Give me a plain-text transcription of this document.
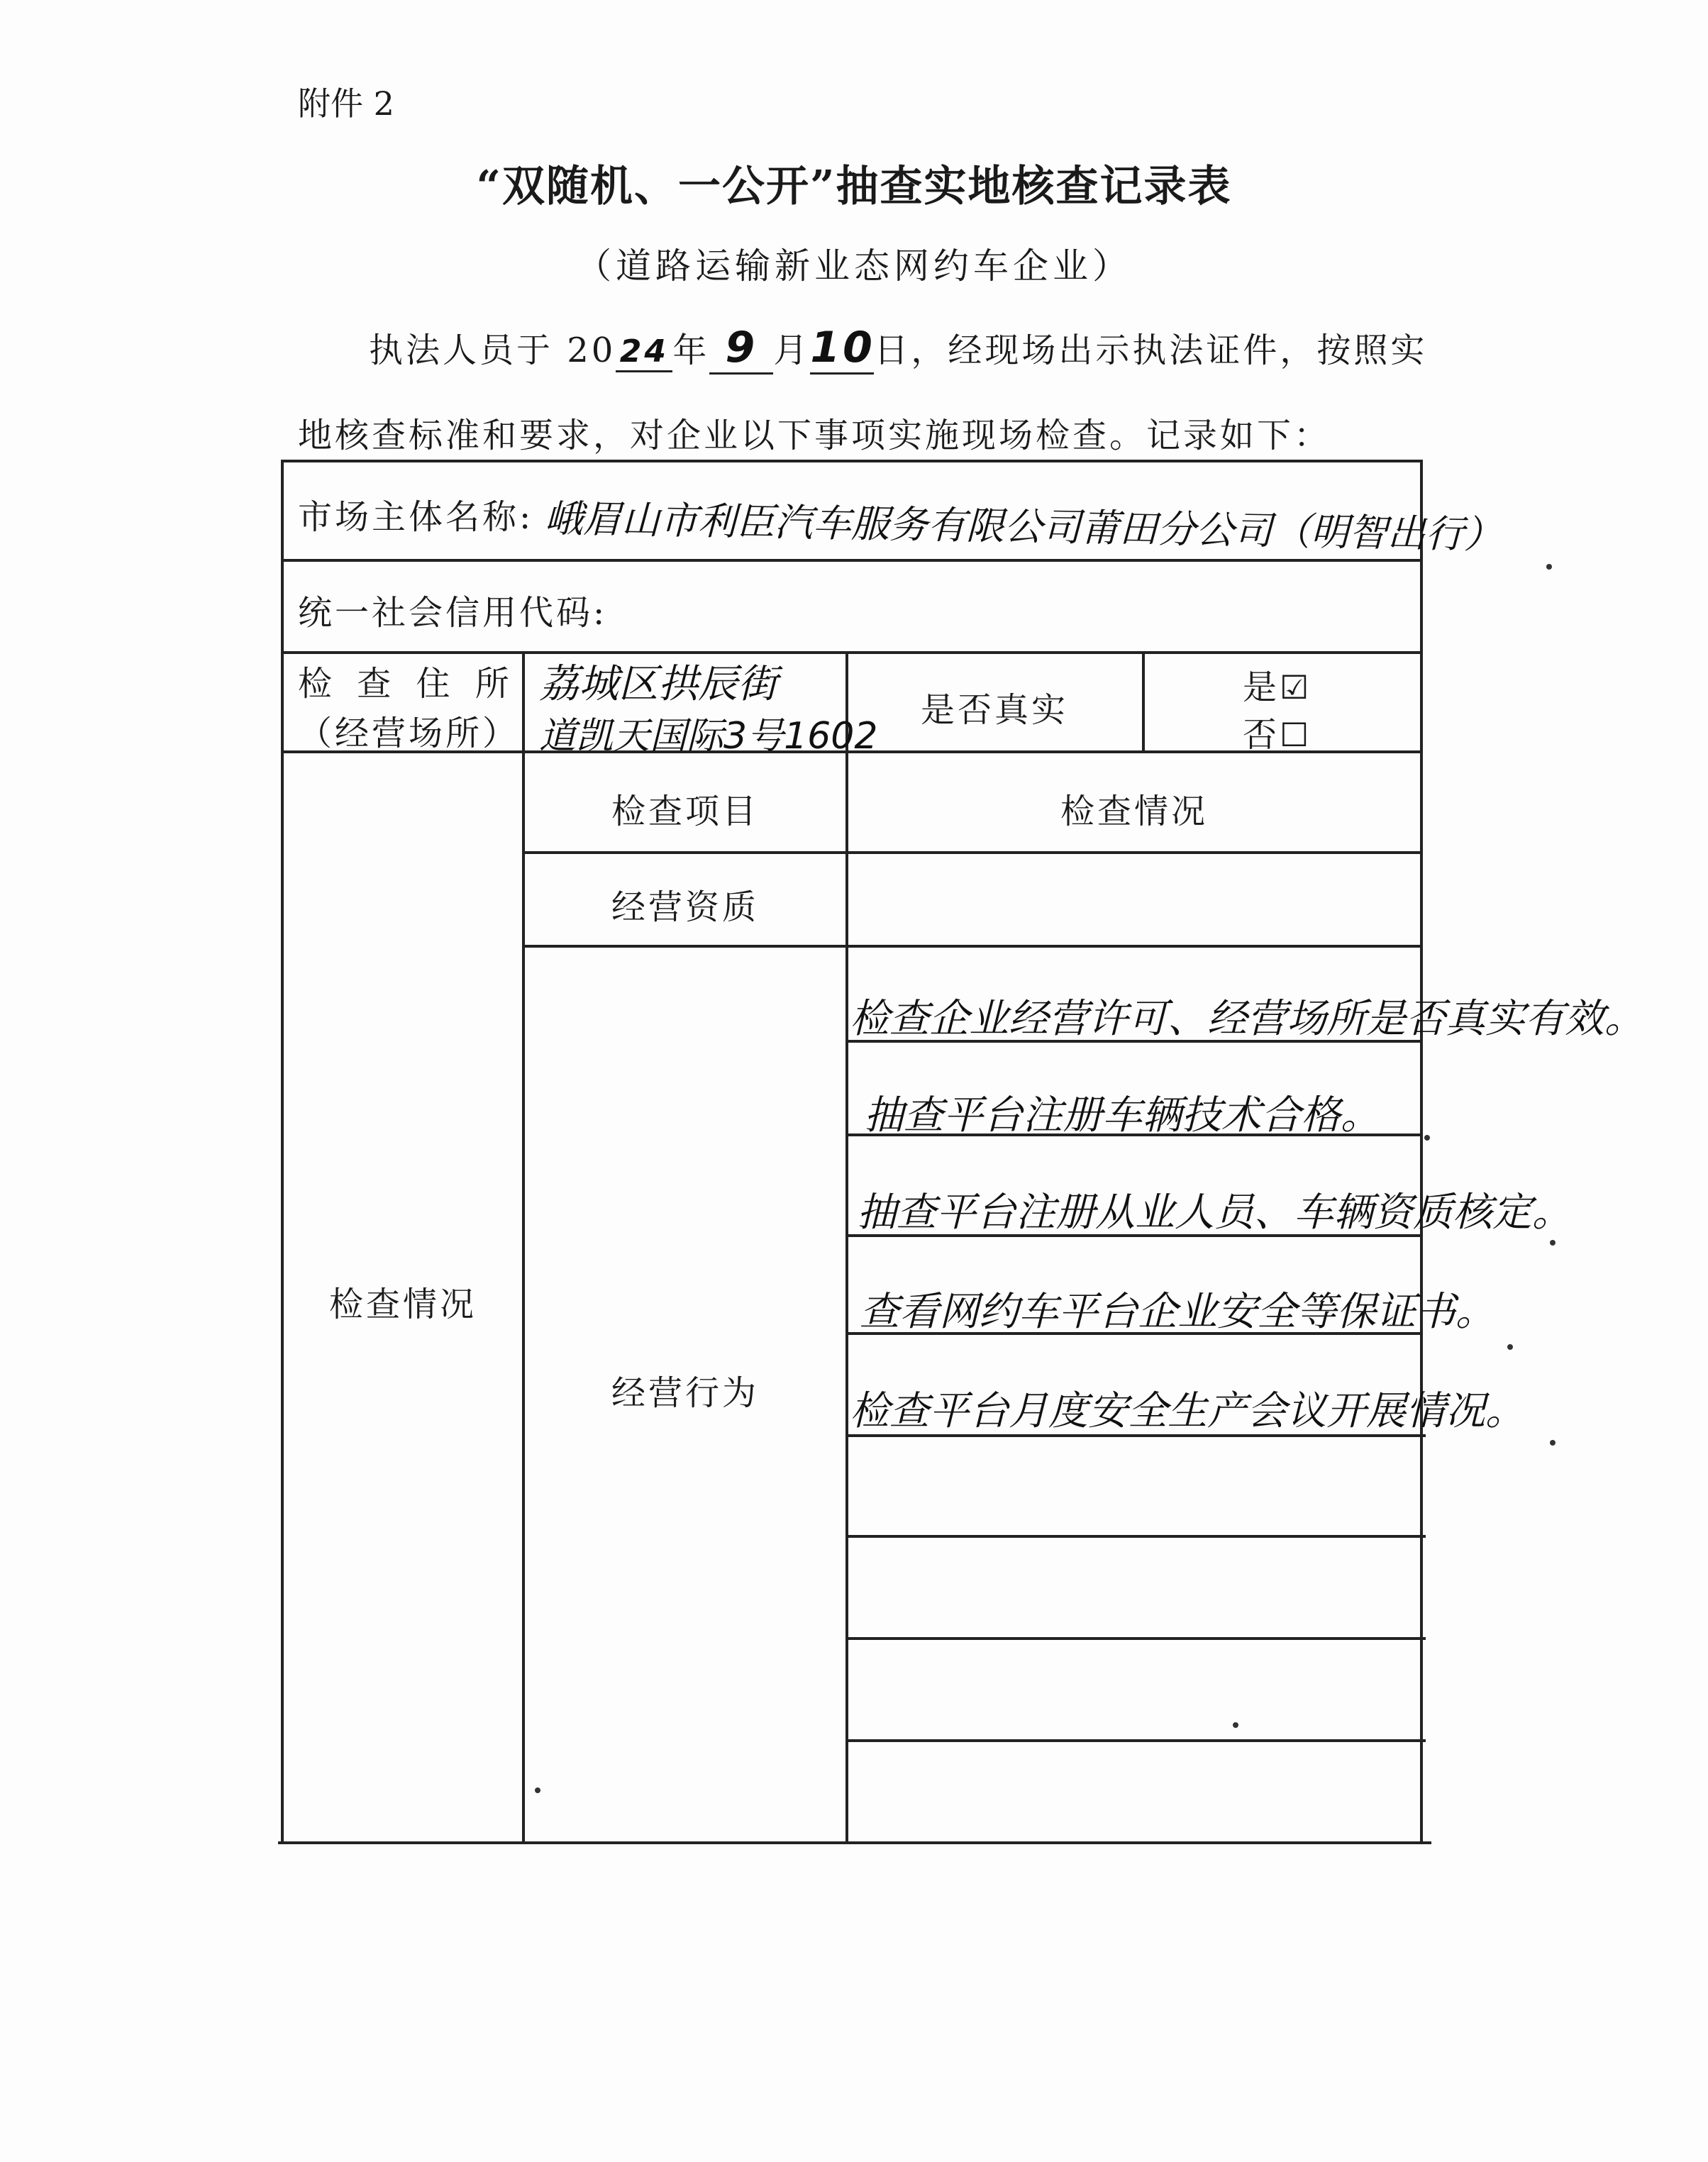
附件 2
“双随机、一公开”抽查实地核查记录表
（道路运输新业态网约车企业）
执法人员于 20 24 年 9 月10日，经现场出示执法证件，按照实
地核查标准和要求，对企业以下事项实施现场检查。记录如下：
市场主体名称: 峨眉山市利臣汽车服务有限公司莆田分公司（明智出行）
统一社会信用代码:
检 查 住 所
（经营场所）
荔城区拱辰街
道凯天国际3号1602
是否真实
是☑
否☐
检查情况
检查项目	检查情况
经营资质
经营行为
检查企业经营许可、经营场所是否真实有效。
抽查平台注册车辆技术合格。
抽查平台注册从业人员、车辆资质核定。
查看网约车平台企业安全等保证书。
检查平台月度安全生产会议开展情况。
